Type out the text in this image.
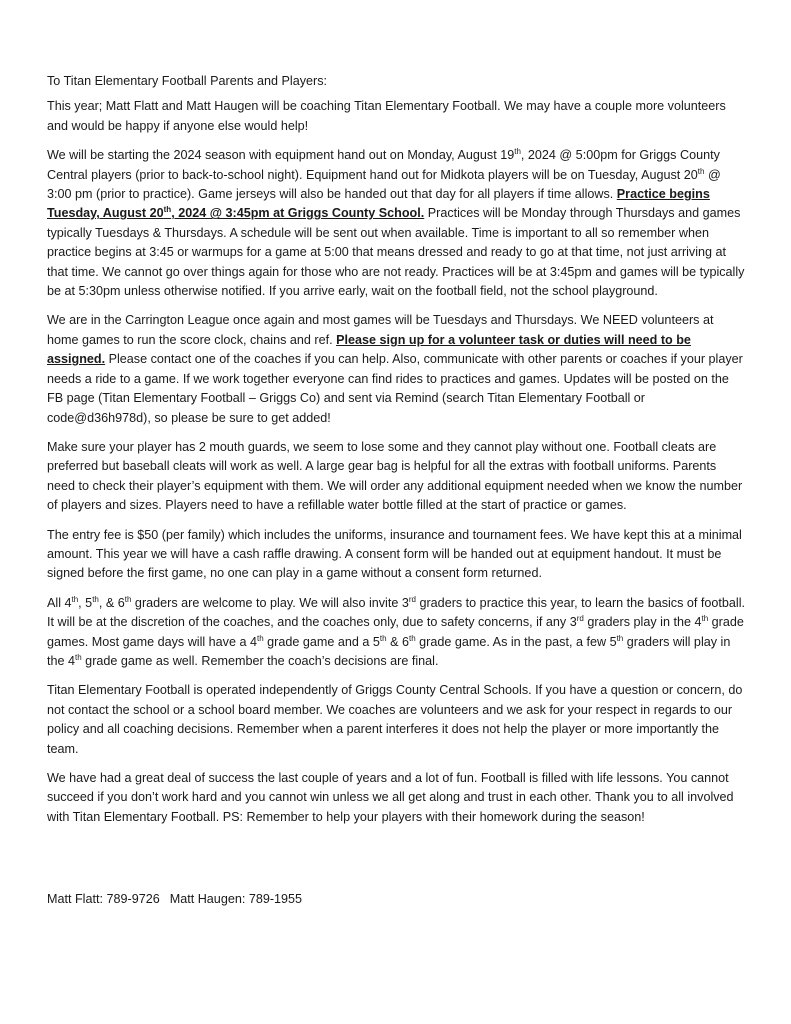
To Titan Elementary Football Parents and Players:

This year; Matt Flatt and Matt Haugen will be coaching Titan Elementary Football. We may have a couple more volunteers and would be happy if anyone else would help!

We will be starting the 2024 season with equipment hand out on Monday, August 19th, 2024 @ 5:00pm for Griggs County Central players (prior to back-to-school night). Equipment hand out for Midkota players will be on Tuesday, August 20th @ 3:00 pm (prior to practice). Game jerseys will also be handed out that day for all players if time allows. Practice begins Tuesday, August 20th, 2024 @ 3:45pm at Griggs County School. Practices will be Monday through Thursdays and games typically Tuesdays & Thursdays. A schedule will be sent out when available. Time is important to all so remember when practice begins at 3:45 or warmups for a game at 5:00 that means dressed and ready to go at that time, not just arriving at that time. We cannot go over things again for those who are not ready. Practices will be at 3:45pm and games will be typically be at 5:30pm unless otherwise notified. If you arrive early, wait on the football field, not the school playground.

We are in the Carrington League once again and most games will be Tuesdays and Thursdays. We NEED volunteers at home games to run the score clock, chains and ref. Please sign up for a volunteer task or duties will need to be assigned. Please contact one of the coaches if you can help. Also, communicate with other parents or coaches if your player needs a ride to a game. If we work together everyone can find rides to practices and games. Updates will be posted on the FB page (Titan Elementary Football – Griggs Co) and sent via Remind (search Titan Elementary Football or code@d36h978d), so please be sure to get added!

Make sure your player has 2 mouth guards, we seem to lose some and they cannot play without one. Football cleats are preferred but baseball cleats will work as well. A large gear bag is helpful for all the extras with football uniforms. Parents need to check their player’s equipment with them. We will order any additional equipment needed when we know the number of players and sizes. Players need to have a refillable water bottle filled at the start of practice or games.

The entry fee is $50 (per family) which includes the uniforms, insurance and tournament fees. We have kept this at a minimal amount. This year we will have a cash raffle drawing. A consent form will be handed out at equipment handout. It must be signed before the first game, no one can play in a game without a consent form returned.

All 4th, 5th, & 6th graders are welcome to play. We will also invite 3rd graders to practice this year, to learn the basics of football. It will be at the discretion of the coaches, and the coaches only, due to safety concerns, if any 3rd graders play in the 4th grade games. Most game days will have a 4th grade game and a 5th & 6th grade game. As in the past, a few 5th graders will play in the 4th grade game as well. Remember the coach’s decisions are final.

Titan Elementary Football is operated independently of Griggs County Central Schools. If you have a question or concern, do not contact the school or a school board member. We coaches are volunteers and we ask for your respect in regards to our policy and all coaching decisions. Remember when a parent interferes it does not help the player or more importantly the team.

We have had a great deal of success the last couple of years and a lot of fun. Football is filled with life lessons. You cannot succeed if you don’t work hard and you cannot win unless we all get along and trust in each other. Thank you to all involved with Titan Elementary Football. PS: Remember to help your players with their homework during the season!

Matt Flatt: 789-9726 Matt Haugen: 789-1955
